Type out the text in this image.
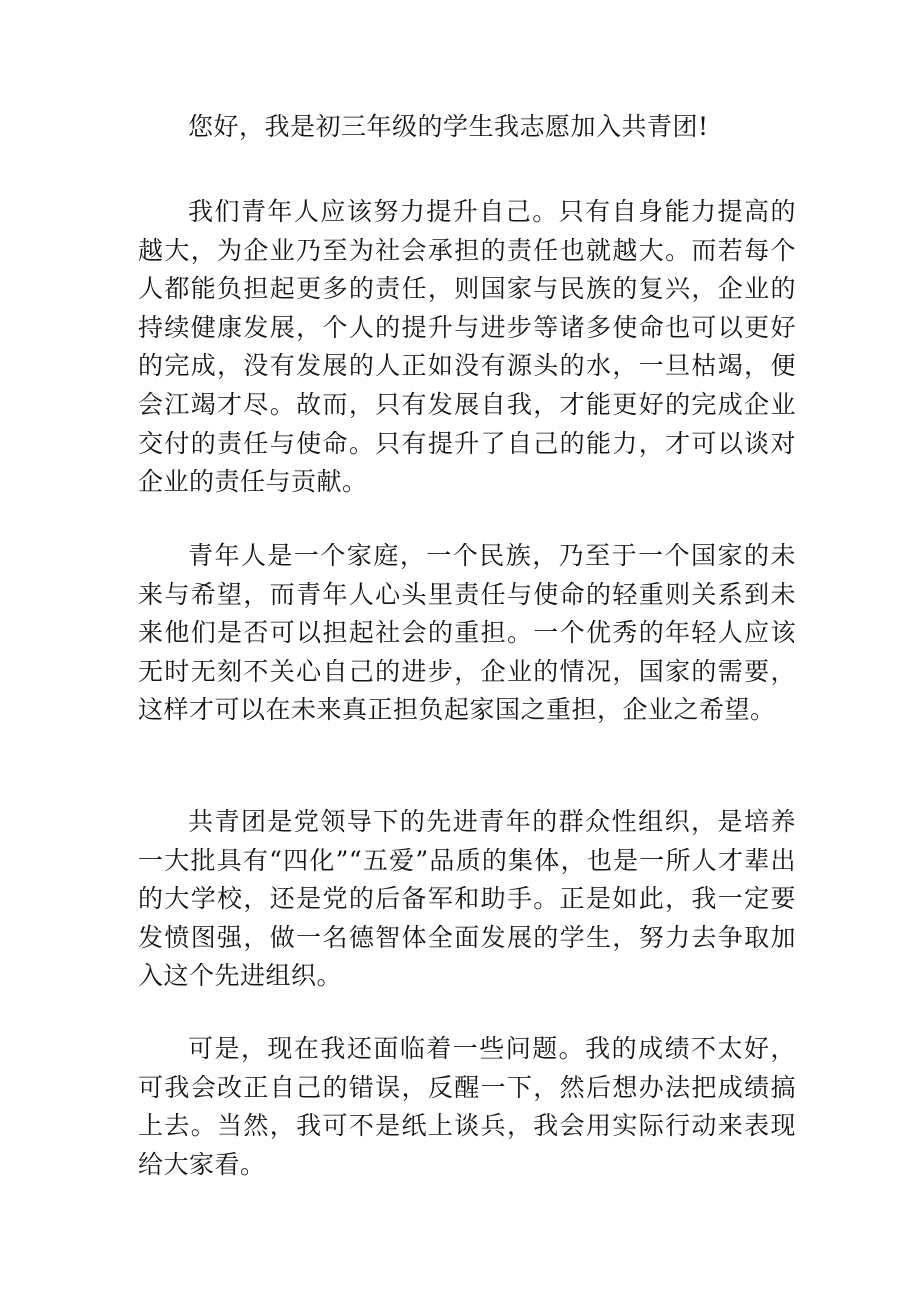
您好，我是初三年级的学生我志愿加入共青团!

我们青年人应该努力提升自己。只有自身能力提高的越大，为企业乃至为社会承担的责任也就越大。而若每个人都能负担起更多的责任，则国家与民族的复兴，企业的持续健康发展，个人的提升与进步等诸多使命也可以更好的完成，没有发展的人正如没有源头的水，一旦枯竭，便会江竭才尽。故而，只有发展自我，才能更好的完成企业交付的责任与使命。只有提升了自己的能力，才可以谈对企业的责任与贡献。

青年人是一个家庭，一个民族，乃至于一个国家的未来与希望，而青年人心头里责任与使命的轻重则关系到未来他们是否可以担起社会的重担。一个优秀的年轻人应该无时无刻不关心自己的进步，企业的情况，国家的需要，这样才可以在未来真正担负起家国之重担，企业之希望。

共青团是党领导下的先进青年的群众性组织，是培养一大批具有“四化”“五爱”品质的集体，也是一所人才辈出的大学校，还是党的后备军和助手。正是如此，我一定要发愤图强，做一名德智体全面发展的学生，努力去争取加入这个先进组织。

可是，现在我还面临着一些问题。我的成绩不太好，可我会改正自己的错误，反醒一下，然后想办法把成绩搞上去。当然，我可不是纸上谈兵，我会用实际行动来表现给大家看。
